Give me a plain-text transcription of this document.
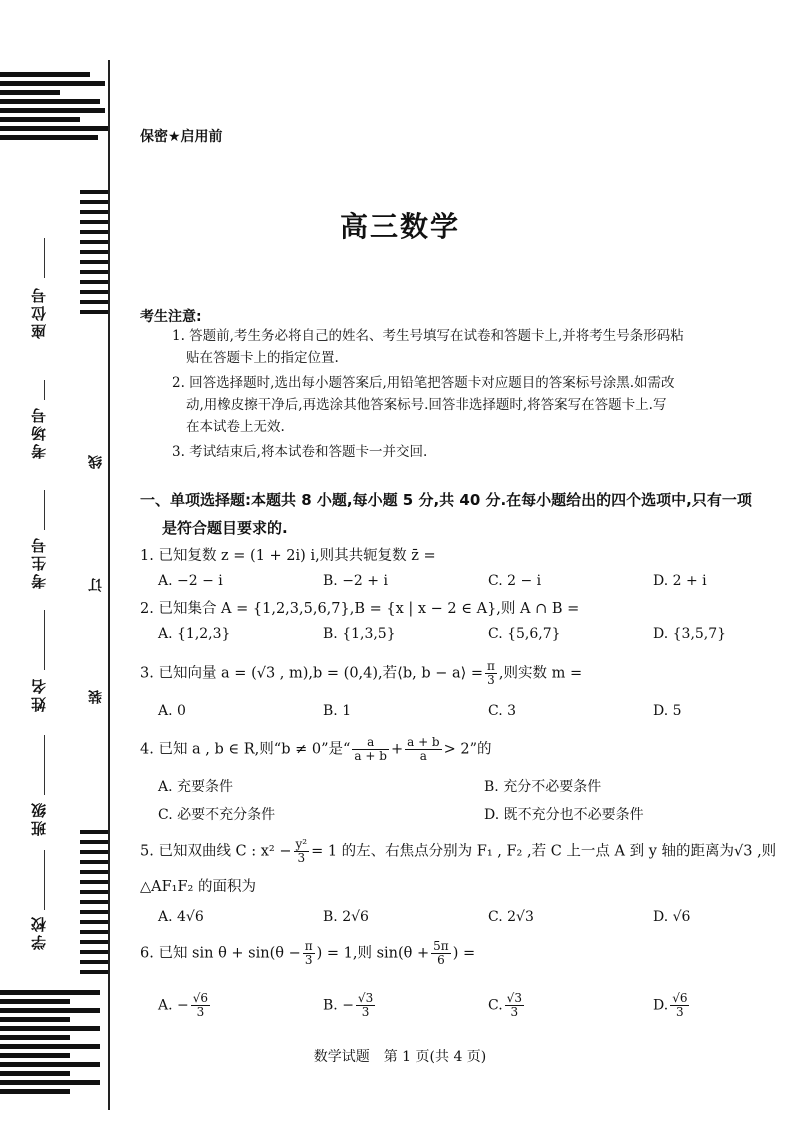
座位号
考场号
考生号
姓名
班级
学校
线
订
装
保密★启用前
高三数学
考生注意:
1. 答题前,考生务必将自己的姓名、考生号填写在试卷和答题卡上,并将考生号条形码粘
贴在答题卡上的指定位置.
2. 回答选择题时,选出每小题答案后,用铅笔把答题卡对应题目的答案标号涂黑.如需改
动,用橡皮擦干净后,再选涂其他答案标号.回答非选择题时,将答案写在答题卡上.写
在本试卷上无效.
3. 考试结束后,将本试卷和答题卡一并交回.
一、单项选择题:本题共 8 小题,每小题 5 分,共 40 分.在每小题给出的四个选项中,只有一项
是符合题目要求的.
1. 已知复数 z = (1 + 2i) i,则其共轭复数 z̄ =
A. −2 − i	B. −2 + i	C. 2 − i	D. 2 + i
2. 已知集合 A = {1,2,3,5,6,7},B = {x | x − 2 ∈ A},则 A ∩ B =
A. {1,2,3}	B. {1,3,5}	C. {5,6,7}	D. {3,5,7}
3. 已知向量 a = (√3 , m),b = (0,4),若⟨b, b − a⟩ = $\frac{\pi}{3}$ ,则实数 m =
A. 0	B. 1	C. 3	D. 5
4. 已知 a , b ∈ R,则“b ≠ 0”是“ $\frac{a}{a + b} + \frac{a + b}{a} > 2$”的
A. 充要条件	B. 充分不必要条件
C. 必要不充分条件	D. 既不充分也不必要条件
5. 已知双曲线 C : $x^2 - \frac{\text{y²}}{3} = 1$ 的左、右焦点分别为 F₁ , F₂ ,若 C 上一点 A 到 y 轴的距离为√3 ,则
△AF₁F₂ 的面积为
A. 4√6	B. 2√6	C. 2√3	D. √6
6. 已知 $\sin \theta + \sin(\theta - \frac{\pi}{3}$ ) = 1,则 $\sin(\theta + \frac{5\pi}{6}$ ) =
A. − $\frac{√6}{3}$	B. − $\frac{√3}{3}$	C. $\frac{√3}{3}$	D. $\frac{√6}{3}$
数学试题　第 1 页(共 4 页)
